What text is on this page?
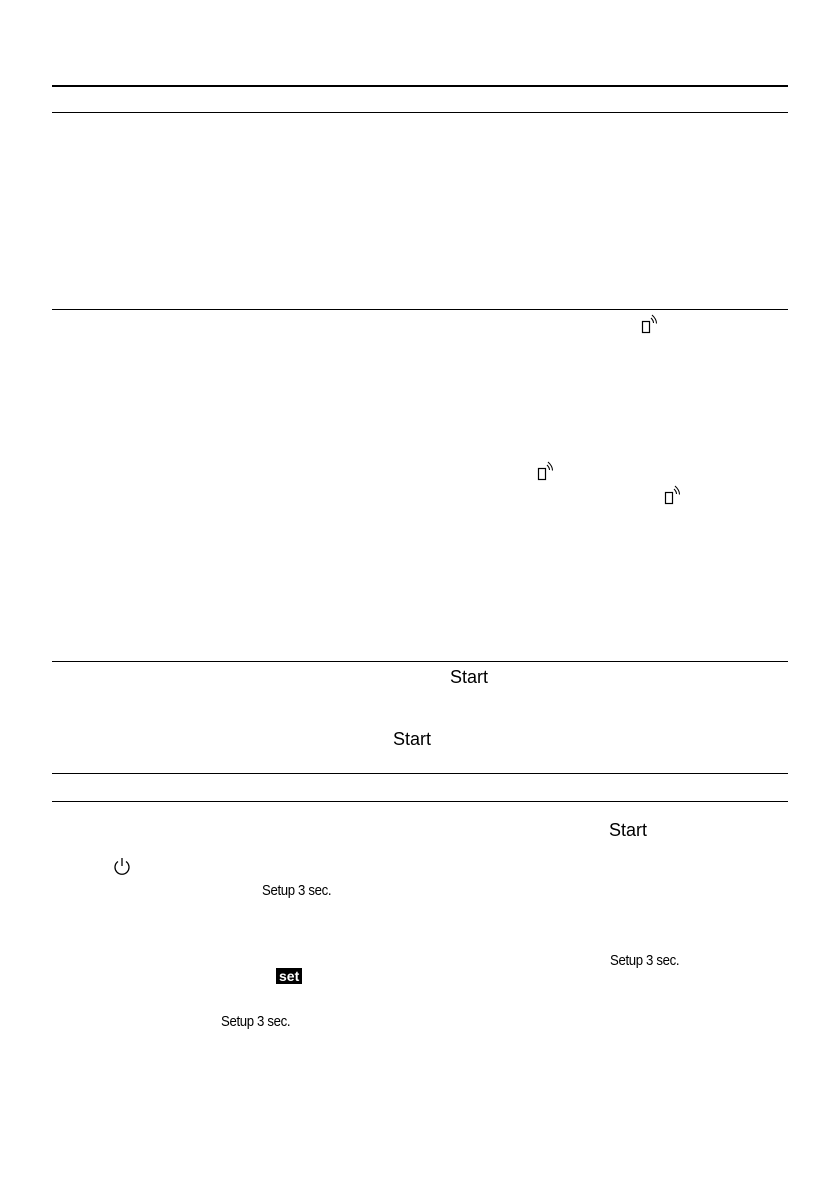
Start
Start
Start
Setup 3 sec.
Setup 3 sec.
set
Setup 3 sec.
